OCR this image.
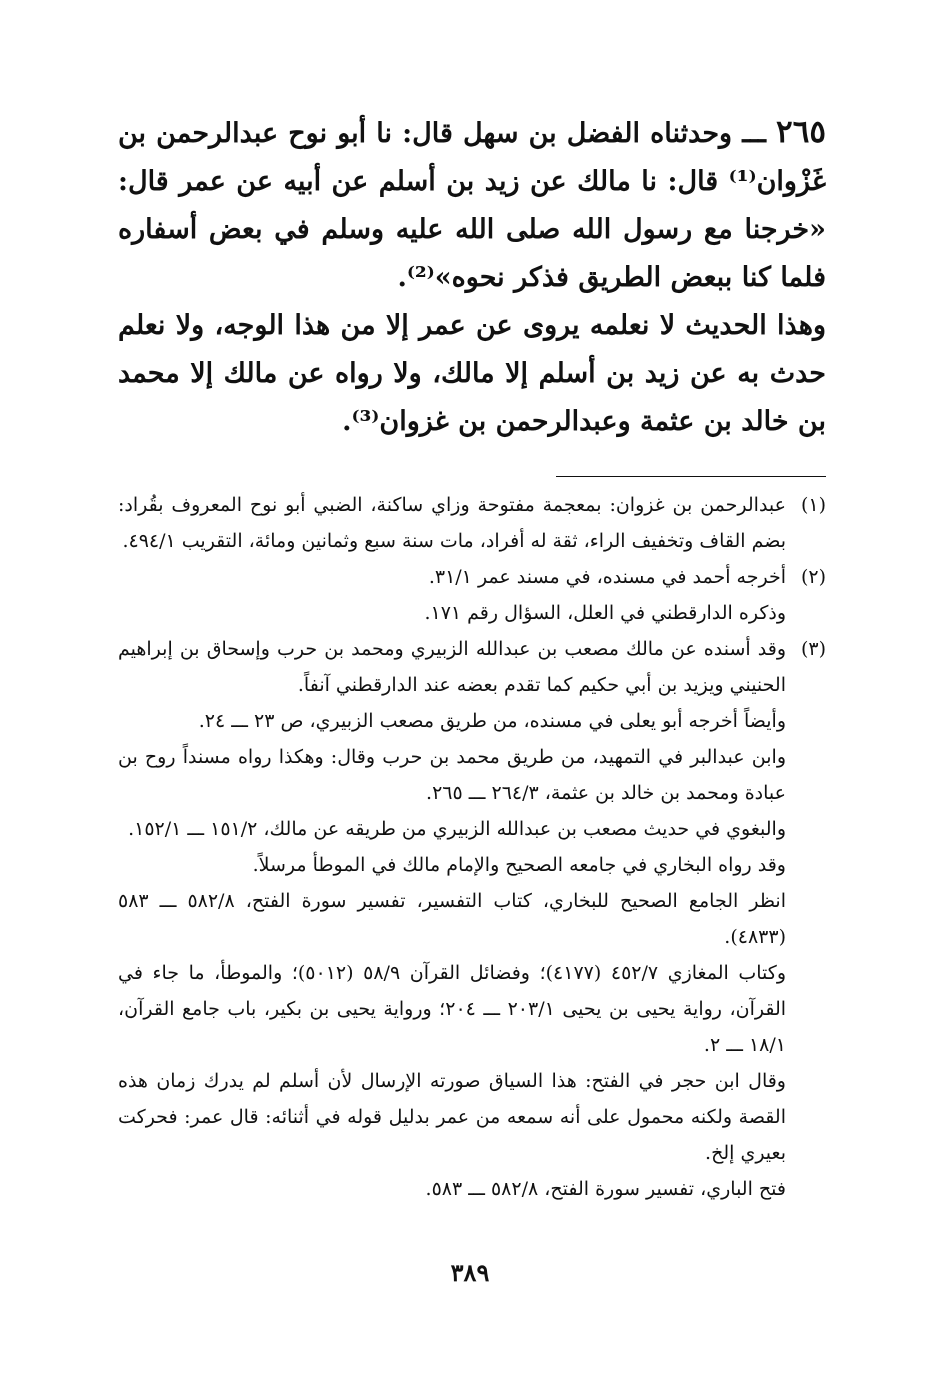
٢٦٥ ـــ وحدثناه الفضل بن سهل قال: نا أبو نوح عبدالرحمن بن غَزْوان⁽¹⁾ قال: نا مالك عن زيد بن أسلم عن أبيه عن عمر قال: «خرجنا مع رسول الله صلى الله عليه وسلم في بعض أسفاره فلما كنا ببعض الطريق فذكر نحوه»⁽²⁾.

وهذا الحديث لا نعلمه يروى عن عمر إلا من هذا الوجه، ولا نعلم حدث به عن زيد بن أسلم إلا مالك، ولا رواه عن مالك إلا محمد بن خالد بن عثمة وعبدالرحمن بن غزوان⁽³⁾.

(١)

عبدالرحمن بن غزوان: بمعجمة مفتوحة وزاي ساكنة، الضبي أبو نوح المعروف بقُراد: بضم القاف وتخفيف الراء، ثقة له أفراد، مات سنة سبع وثمانين ومائة، التقريب ٤٩٤/١.

(٢)

أخرجه أحمد في مسنده، في مسند عمر ٣١/١.

وذكره الدارقطني في العلل، السؤال رقم ١٧١.

(٣)

وقد أسنده عن مالك مصعب بن عبدالله الزبيري ومحمد بن حرب وإسحاق بن إبراهيم الحنيني ويزيد بن أبي حكيم كما تقدم بعضه عند الدارقطني آنفاً.

وأيضاً أخرجه أبو يعلى في مسنده، من طريق مصعب الزبيري، ص ٢٣ ـــ ٢٤.

وابن عبدالبر في التمهيد، من طريق محمد بن حرب وقال: وهكذا رواه مسنداً روح بن عبادة ومحمد بن خالد بن عثمة، ٢٦٤/٣ ـــ ٢٦٥.

والبغوي في حديث مصعب بن عبدالله الزبيري من طريقه عن مالك، ١٥١/٢ ـــ ١٥٢/١.

وقد رواه البخاري في جامعه الصحيح والإمام مالك في الموطأ مرسلاً.

انظر الجامع الصحيح للبخاري، كتاب التفسير، تفسير سورة الفتح، ٥٨٢/٨ ـــ ٥٨٣ (٤٨٣٣).

وكتاب المغازي ٤٥٢/٧ (٤١٧٧)؛ وفضائل القرآن ٥٨/٩ (٥٠١٢)؛ والموطأ، ما جاء في القرآن، رواية يحيى بن يحيى ٢٠٣/١ ـــ ٢٠٤؛ ورواية يحيى بن بكير، باب جامع القرآن، ١٨/١ ـــ ٢.

وقال ابن حجر في الفتح: هذا السياق صورته الإرسال لأن أسلم لم يدرك زمان هذه القصة ولكنه محمول على أنه سمعه من عمر بدليل قوله في أثنائه: قال عمر: فحركت بعيري إلخ.

فتح الباري، تفسير سورة الفتح، ٥٨٢/٨ ـــ ٥٨٣.

٣٨٩
